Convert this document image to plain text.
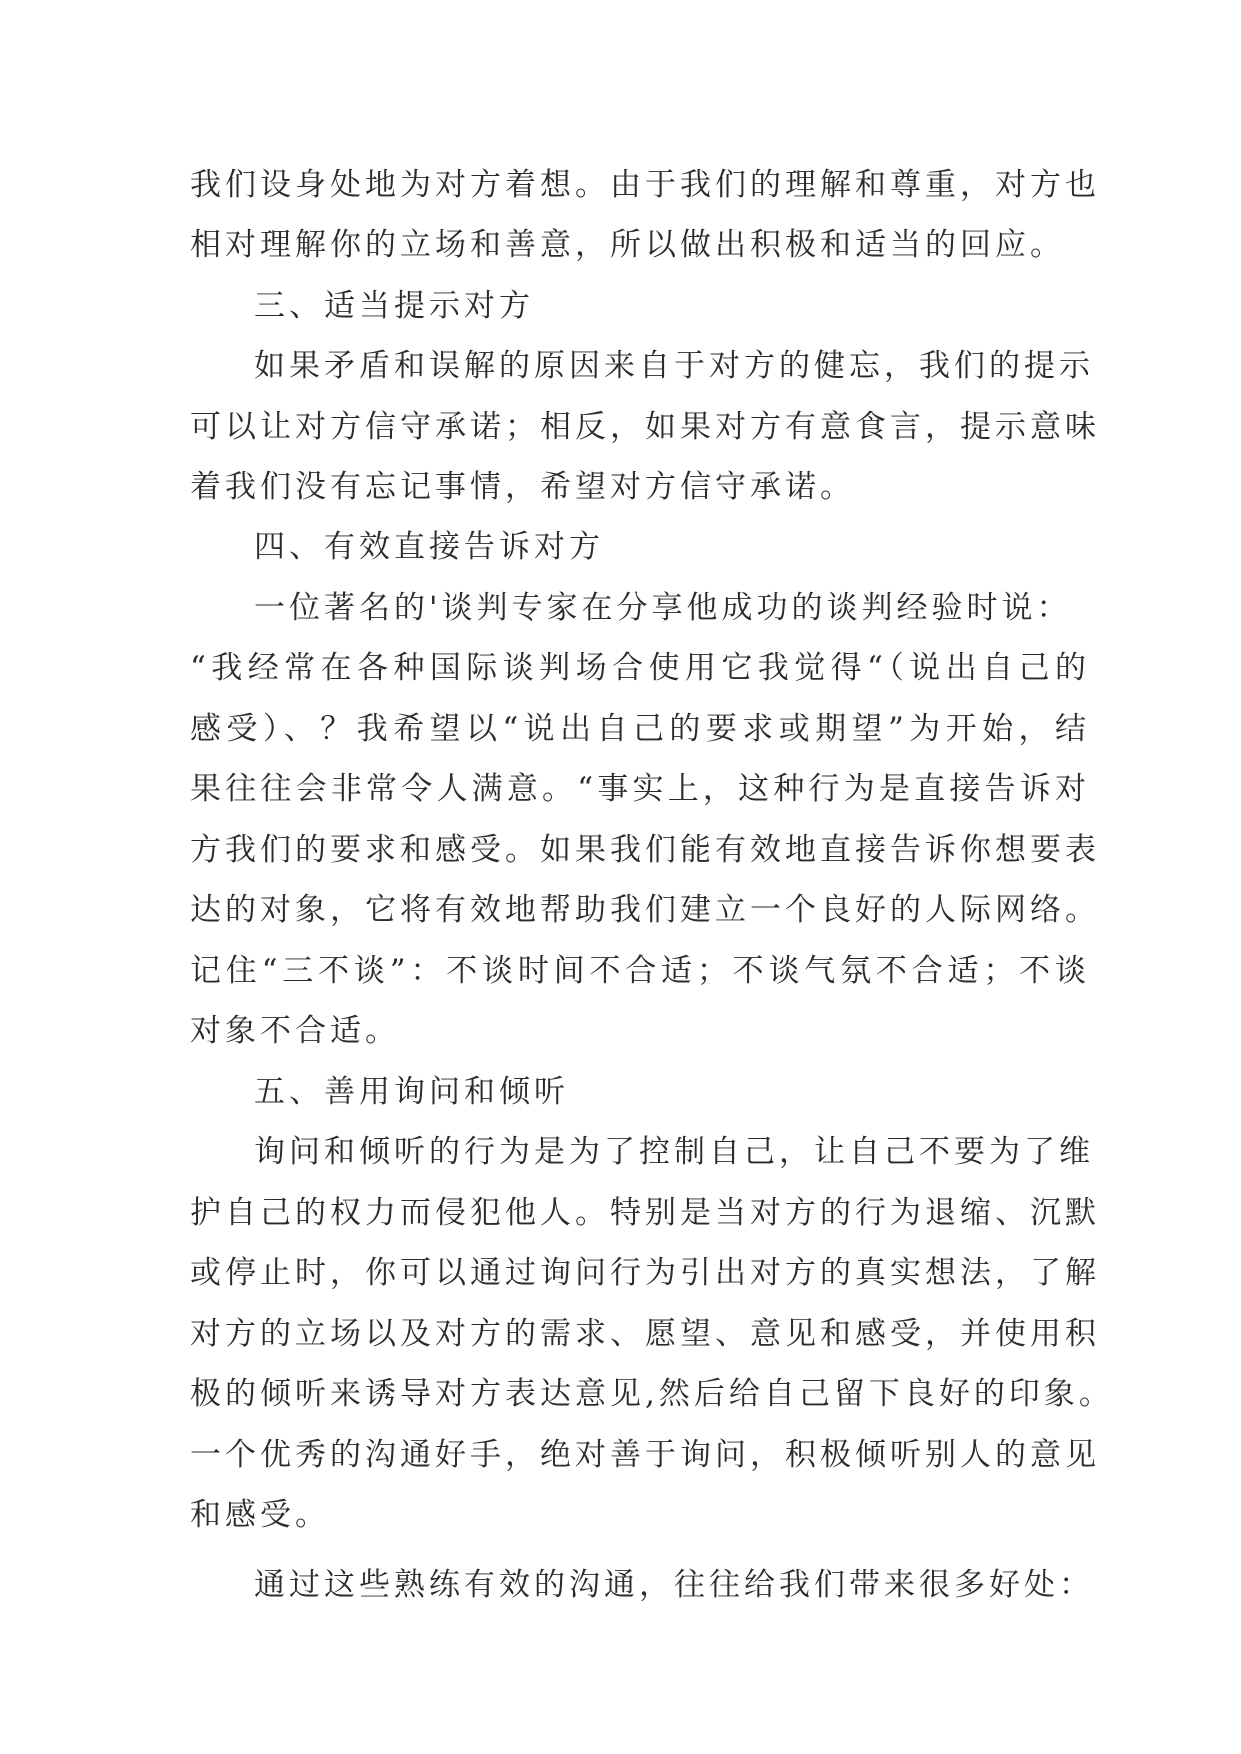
我们设身处地为对方着想。由于我们的理解和尊重，对方也
相对理解你的立场和善意，所以做出积极和适当的回应。
三、适当提示对方
如果矛盾和误解的原因来自于对方的健忘，我们的提示
可以让对方信守承诺；相反，如果对方有意食言，提示意味
着我们没有忘记事情，希望对方信守承诺。
四、有效直接告诉对方
一位著名的'谈判专家在分享他成功的谈判经验时说：
“我经常在各种国际谈判场合使用它我觉得“（说出自己的
感受）、？我希望以“说出自己的要求或期望”为开始，结
果往往会非常令人满意。“事实上，这种行为是直接告诉对
方我们的要求和感受。如果我们能有效地直接告诉你想要表
达的对象，它将有效地帮助我们建立一个良好的人际网络。
记住“三不谈”：不谈时间不合适；不谈气氛不合适；不谈
对象不合适。
五、善用询问和倾听
询问和倾听的行为是为了控制自己，让自己不要为了维
护自己的权力而侵犯他人。特别是当对方的行为退缩、沉默
或停止时，你可以通过询问行为引出对方的真实想法，了解
对方的立场以及对方的需求、愿望、意见和感受，并使用积
极的倾听来诱导对方表达意见,然后给自己留下良好的印象。
一个优秀的沟通好手，绝对善于询问，积极倾听别人的意见
和感受。
通过这些熟练有效的沟通，往往给我们带来很多好处：
